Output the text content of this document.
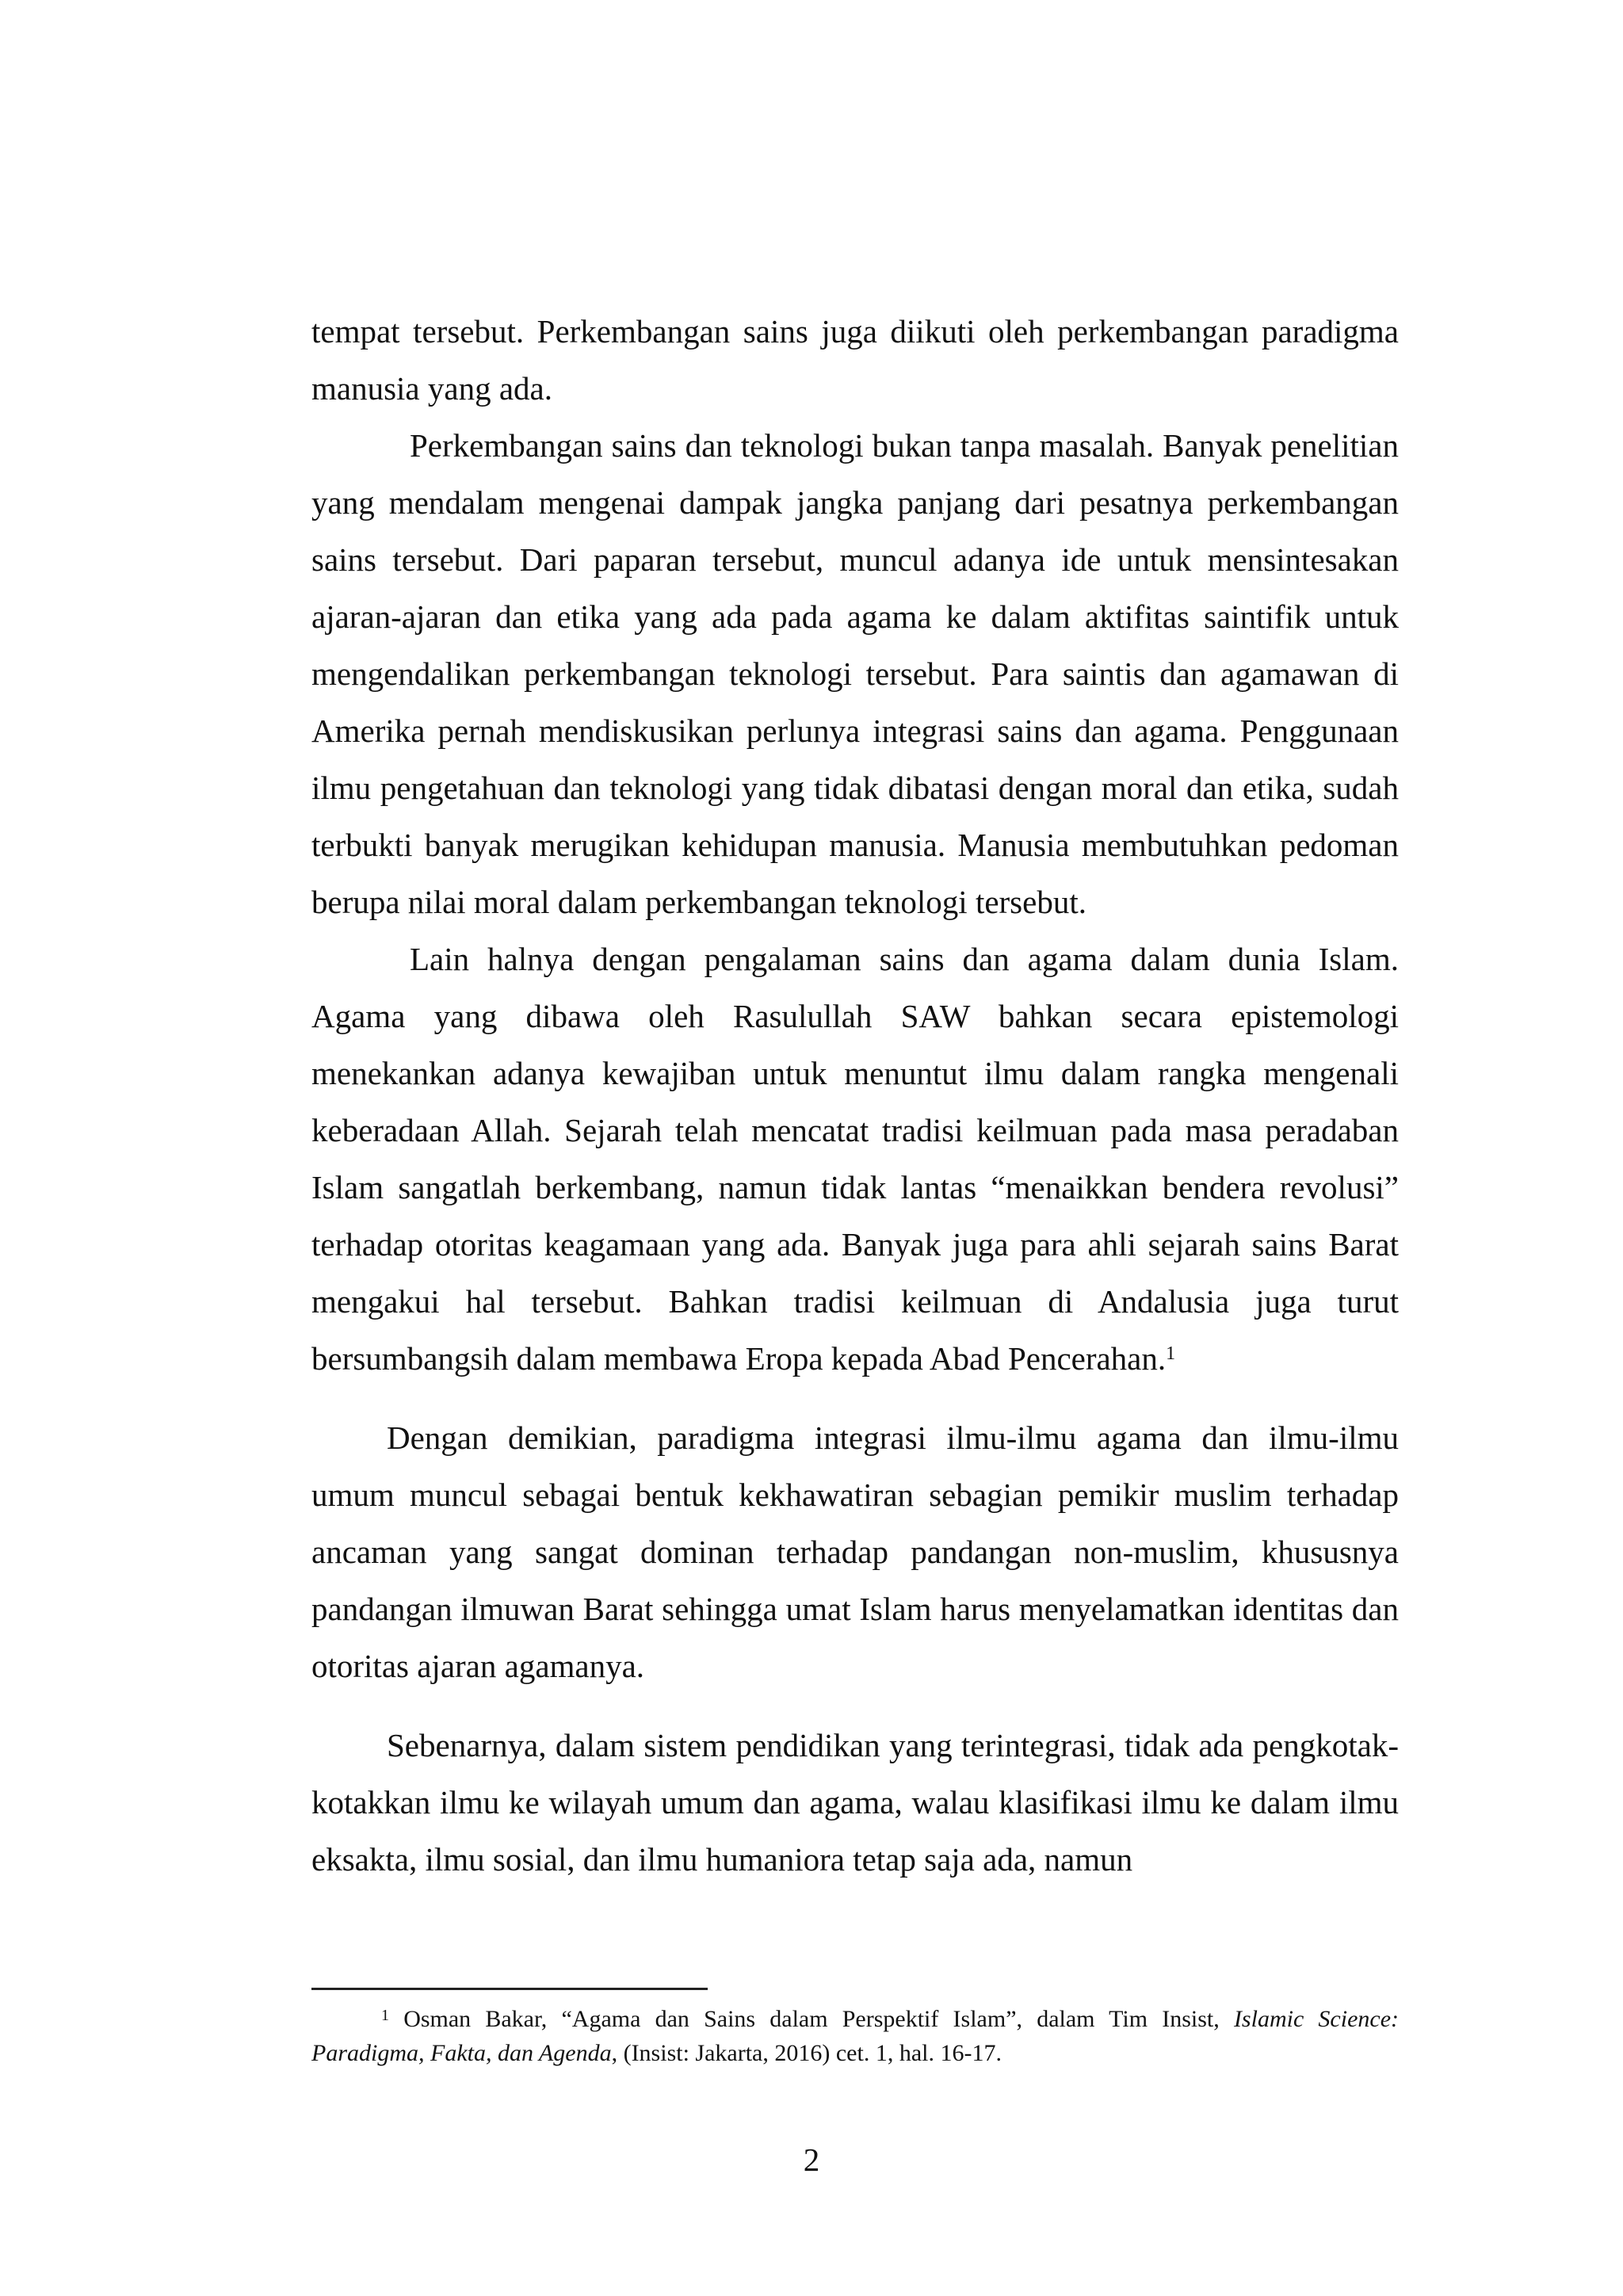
tempat tersebut. Perkembangan sains juga diikuti oleh perkembangan paradigma manusia yang ada.

Perkembangan sains dan teknologi bukan tanpa masalah. Banyak penelitian yang mendalam mengenai dampak jangka panjang dari pesatnya perkembangan sains tersebut. Dari paparan tersebut, muncul adanya ide untuk mensintesakan ajaran-ajaran dan etika yang ada pada agama ke dalam aktifitas saintifik untuk mengendalikan perkembangan teknologi tersebut. Para saintis dan agamawan di Amerika pernah mendiskusikan perlunya integrasi sains dan agama. Penggunaan ilmu pengetahuan dan teknologi yang tidak dibatasi dengan moral dan etika, sudah terbukti banyak merugikan kehidupan manusia. Manusia membutuhkan pedoman berupa nilai moral dalam perkembangan teknologi tersebut.

Lain halnya dengan pengalaman sains dan agama dalam dunia Islam. Agama yang dibawa oleh Rasulullah SAW bahkan secara epistemologi menekankan adanya kewajiban untuk menuntut ilmu dalam rangka mengenali keberadaan Allah. Sejarah telah mencatat tradisi keilmuan pada masa peradaban Islam sangatlah berkembang, namun tidak lantas “menaikkan bendera revolusi” terhadap otoritas keagamaan yang ada. Banyak juga para ahli sejarah sains Barat mengakui hal tersebut. Bahkan tradisi keilmuan di Andalusia juga turut bersumbangsih dalam membawa Eropa kepada Abad Pencerahan.$^1$

Dengan demikian, paradigma integrasi ilmu-ilmu agama dan ilmu-ilmu umum muncul sebagai bentuk kekhawatiran sebagian pemikir muslim terhadap ancaman yang sangat dominan terhadap pandangan non-muslim, khususnya pandangan ilmuwan Barat sehingga umat Islam harus menyelamatkan identitas dan otoritas ajaran agamanya.

Sebenarnya, dalam sistem pendidikan yang terintegrasi, tidak ada pengkotak-kotakkan ilmu ke wilayah umum dan agama, walau klasifikasi ilmu ke dalam ilmu eksakta, ilmu sosial, dan ilmu humaniora tetap saja ada, namun

$^1$ Osman Bakar, “Agama dan Sains dalam Perspektif Islam”, dalam Tim Insist, Islamic Science: Paradigma, Fakta, dan Agenda, (Insist: Jakarta, 2016) cet. 1, hal. 16-17.

2
